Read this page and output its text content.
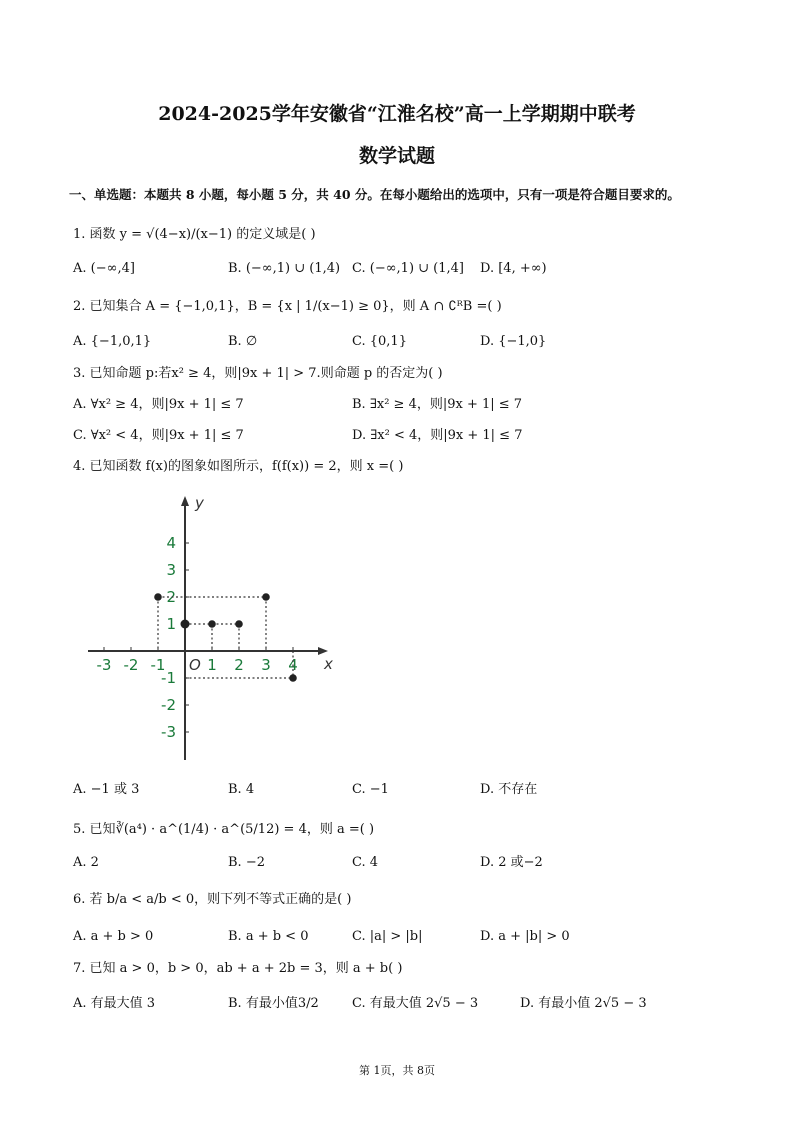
2024-2025学年安徽省“江淮名校”高一上学期期中联考
数学试题
一、单选题：本题共 8 小题，每小题 5 分，共 40 分。在每小题给出的选项中，只有一项是符合题目要求的。
1. 函数 y = √(4−x)/(x−1) 的定义域是( )
A. (−∞,4]	B. (−∞,1) ∪ (1,4) C. (−∞,1) ∪ (1,4] D. [4, +∞)
2. 已知集合 A = {−1,0,1}，B = {x | 1/(x−1) ≥ 0}，则 A ∩ ∁ᴿB =( )
A. {−1,0,1}	B. ∅	C. {0,1}	D. {−1,0}
3. 已知命题 p:若x² ≥ 4，则|9x + 1| > 7.则命题 p 的否定为( )
A. ∀x² ≥ 4，则|9x + 1| ≤ 7	B. ∃x² ≥ 4，则|9x + 1| ≤ 7
C. ∀x² < 4，则|9x + 1| ≤ 7	D. ∃x² < 4，则|9x + 1| ≤ 7
4. 已知函数 f(x)的图象如图所示，f(f(x)) = 2，则 x =( )
x
y
O
-3 -2 -1	1 2 3 4
4
3
2
1
-1
-2
-3
A. −1 或 3	B. 4	C. −1	D. 不存在
5. 已知∛(a⁴) · a^(1/4) · a^(5/12) = 4，则 a =( )
A. 2	B. −2	C. 4	D. 2 或−2
6. 若 b/a < a/b < 0，则下列不等式正确的是( )
A. a + b > 0	B. a + b < 0	C. |a| > |b|	D. a + |b| > 0
7. 已知 a > 0，b > 0，ab + a + 2b = 3，则 a + b( )
A. 有最大值 3	B. 有最小值3/2	C. 有最大值 2√5 − 3	D. 有最小值 2√5 − 3
第 1页，共 8页
